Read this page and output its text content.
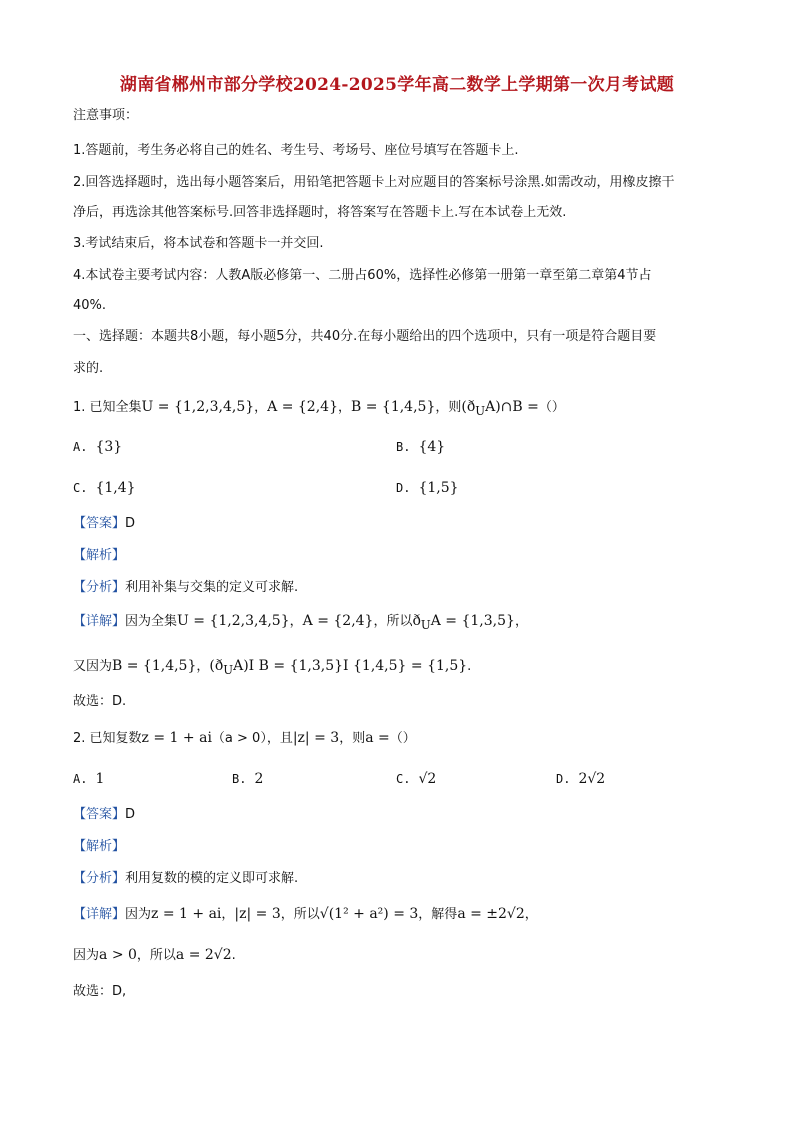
湖南省郴州市部分学校2024-2025学年高二数学上学期第一次月考试题
注意事项：
1.答题前，考生务必将自己的姓名、考生号、考场号、座位号填写在答题卡上.
2.回答选择题时，选出每小题答案后，用铅笔把答题卡上对应题目的答案标号涂黑.如需改动，用橡皮擦干
净后，再选涂其他答案标号.回答非选择题时，将答案写在答题卡上.写在本试卷上无效.
3.考试结束后，将本试卷和答题卡一并交回.
4.本试卷主要考试内容：人教A版必修第一、二册占60%，选择性必修第一册第一章至第二章第4节占
40%.
一、选择题：本题共8小题，每小题5分，共40分.在每小题给出的四个选项中，只有一项是符合题目要
求的.
1. 已知全集U = {1,2,3,4,5}，A = {2,4}，B = {1,4,5}，则$(ð_UA)\cap B$ =（）
A. {3}	B. {4}
C. {1,4}	D. {1,5}
【答案】D
【解析】
【分析】利用补集与交集的定义可求解.
【详解】因为全集U = {1,2,3,4,5}，A = {2,4}，所以$ð_UA = \{1,3,5\}$，
又因为B = {1,4,5}，$(ð_UA)Ⅰ$ B = {1,3,5}Ⅰ {1,4,5} = {1,5}.
故选：D.
2. 已知复数z = 1 + ai（a > 0），且|z| = 3，则a =（）
A. 1	B. 2	C. √2	D. 2√2
【答案】D
【解析】
【分析】利用复数的模的定义即可求解.
【详解】因为z = 1 + ai，|z| = 3，所以√(1² + a²) = 3，解得a = ±2√2，
因为a > 0，所以a = 2√2.
故选：D,
